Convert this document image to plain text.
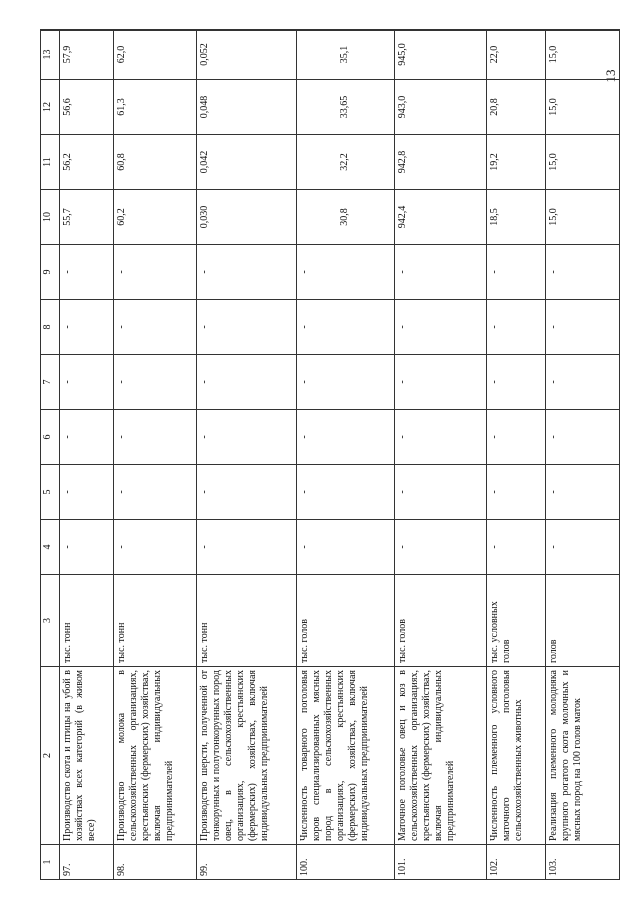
13
1	2	3	4	5	6	7	8	9	10	11	12	13
97.	Производство скота и птицы на убой в хозяйствах всех категорий (в живом весе)	тыс. тонн	-	-	-	-	-	-	55,7	56,2	56,6	57,9
98.	Производство молока в сельскохозяйственных организациях, крестьянских (фермерских) хозяйствах, включая индивидуальных предпринимателей	тыс. тонн	-	-	-	-	-	-	60,2	60,8	61,3	62,0
99.	Производство шерсти, полученной от тонкорунных и полутонкорунных пород овец, в сельскохозяйственных организациях, крестьянских (фермерских) хозяйствах, включая индивидуальных предпринимателей	тыс. тонн	-	-	-	-	-	-	0,030	0,042	0,048	0,052
100.	Численность товарного поголовья коров специализированных мясных пород в сельскохозяйственных организациях, крестьянских (фермерских) хозяйствах, включая индивидуальных предпринимателей	тыс. голов	-	-	-	-	-	-	30,8	32,2	33,65	35,1
101.	Маточное поголовье овец и коз в сельскохозяйственных организациях, крестьянских (фермерских) хозяйствах, включая индивидуальных предпринимателей	тыс. голов	-	-	-	-	-	-	942,4	942,8	943,0	945,0
102.	Численность племенного условного маточного поголовья сельскохозяйственных животных	тыс. условных голов	-	-	-	-	-	-	18,5	19,2	20,8	22,0
103.	Реализация племенного молодняка крупного рогатого скота молочных и мясных пород на 100 голов маток	голов	-	-	-	-	-	-	15,0	15,0	15,0	15,0
